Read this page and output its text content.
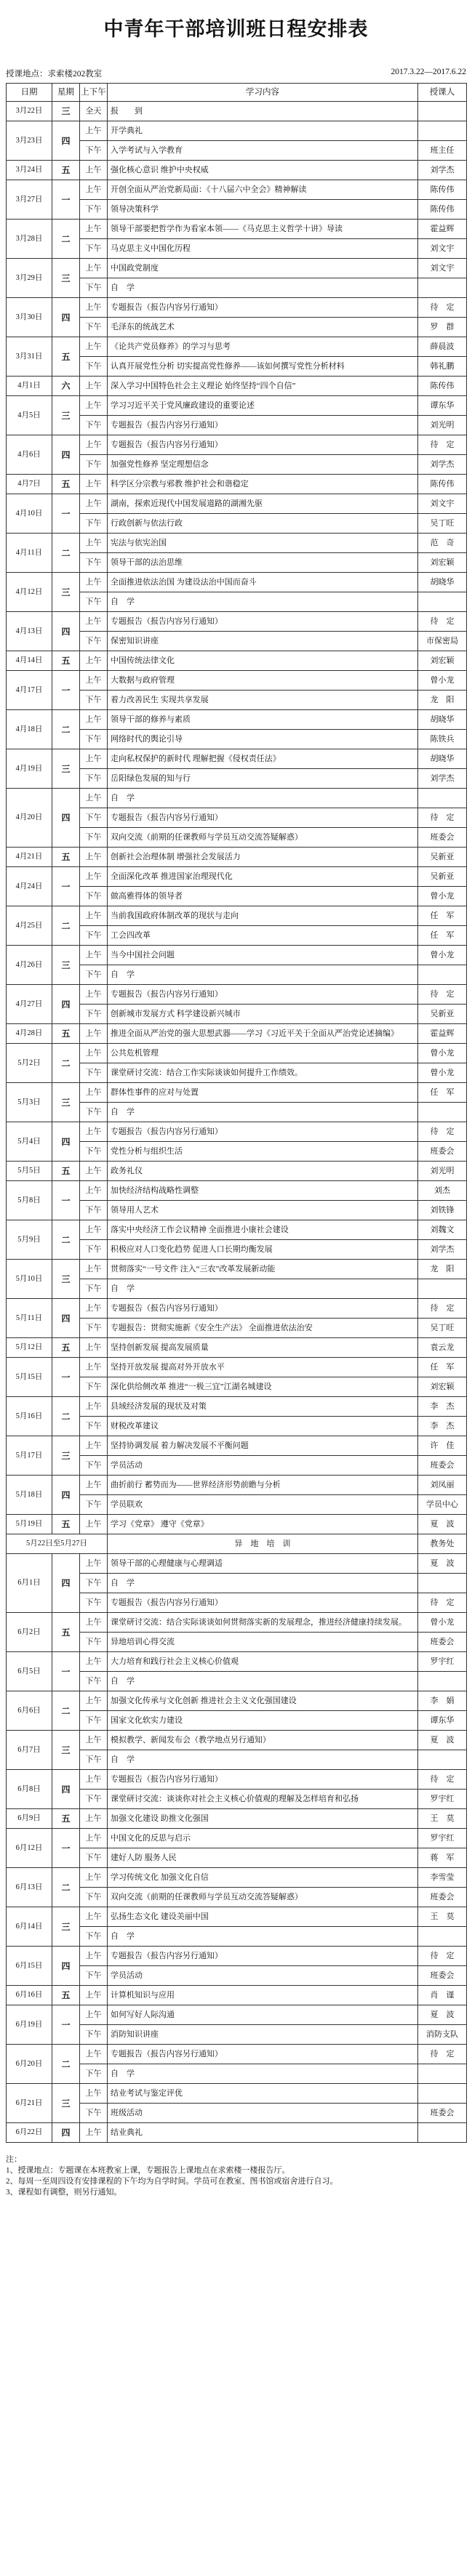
中青年干部培训班日程安排表
授课地点：求索楼202教室	2017.3.22—2017.6.22
日期	星期	上下午	学习内容	授课人
3月22日	三	全天	报　　到	
3月23日	四	上午	开学典礼	
		下午	入学考试与入学教育	班主任
3月24日	五	上午	强化核心意识 维护中央权威	刘学杰
3月27日	一	上午	开创全面从严治党新局面：《十八届六中全会》精神解读	陈传伟
		下午	领导决策科学	陈传伟
3月28日	二	上午	领导干部要把哲学作为看家本领——《马克思主义哲学十讲》导读	霍益辉
		下午	马克思主义中国化历程	刘文宇
3月29日	三	上午	中国政党制度	刘文宇
		下午	自　学	
3月30日	四	上午	专题报告（报告内容另行通知）	待　定
		下午	毛泽东的统战艺术	罗　群
3月31日	五	上午	《论共产党员修养》的学习与思考	薛晨波
		下午	认真开展党性分析 切实提高党性修养——该如何撰写党性分析材料	韩礼鹏
4月1日	六	上午	深入学习中国特色社会主义理论 始终坚持“四个自信”	陈传伟
4月5日	三	上午	学习习近平关于党风廉政建设的重要论述	谭东华
		下午	专题报告（报告内容另行通知）	刘光明
4月6日	四	上午	专题报告（报告内容另行通知）	待　定
		下午	加强党性修养 坚定理想信念	刘学杰
4月7日	五	上午	科学区分宗教与邪教 维护社会和谐稳定	陈传伟
4月10日	一	上午	湖南，探索近现代中国发展道路的湖湘先驱	刘文宇
		下午	行政创新与依法行政	吴丁旺
4月11日	二	上午	宪法与依宪治国	范　奇
		下午	领导干部的法治思维	刘宏颖
4月12日	三	上午	全面推进依法治国 为建设法治中国而奋斗	胡晓华
		下午	自　学	
4月13日	四	上午	专题报告（报告内容另行通知）	待　定
		下午	保密知识讲座	市保密局
4月14日	五	上午	中国传统法律文化	刘宏颖
4月17日	一	上午	大数据与政府管理	曾小龙
		下午	着力改善民生 实现共享发展	龙　阳
4月18日	二	上午	领导干部的修养与素质	胡晓华
		下午	网络时代的舆论引导	陈铁兵
4月19日	三	上午	走向私权保护的新时代 理解把握《侵权责任法》	胡晓华
		下午	岳阳绿色发展的知与行	刘学杰
4月20日	四	上午	自　学	
		下午	专题报告（报告内容另行通知）	待　定
		下午	双向交流（前期的任课教师与学员互动交流答疑解惑）	班委会
4月21日	五	上午	创新社会治理体制 增强社会发展活力	吴新亚
4月24日	一	上午	全面深化改革 推进国家治理现代化	吴新亚
		下午	做高雅得体的领导者	曾小龙
4月25日	二	上午	当前我国政府体制改革的现状与走向	任　军
		下午	工会四改革	任　军
4月26日	三	上午	当今中国社会问题	曾小龙
		下午	自　学	
4月27日	四	上午	专题报告（报告内容另行通知）	待　定
		下午	创新城市发展方式 科学建设新兴城市	吴新亚
4月28日	五	上午	推进全面从严治党的强大思想武器——学习《习近平关于全面从严治党论述摘编》	霍益辉
5月2日	二	上午	公共危机管理	曾小龙
		下午	课堂研讨交流：结合工作实际谈谈如何提升工作绩效。	曾小龙
5月3日	三	上午	群体性事件的应对与处置	任　军
		下午	自　学	
5月4日	四	上午	专题报告（报告内容另行通知）	待　定
		下午	党性分析与组织生活	班委会
5月5日	五	上午	政务礼仪	刘光明
5月8日	一	上午	加快经济结构战略性调整	刘杰
		下午	领导用人艺术	刘铁锋
5月9日	二	上午	落实中央经济工作会议精神 全面推进小康社会建设	刘魏文
		下午	积极应对人口变化趋势 促进人口长期均衡发展	刘学杰
5月10日	三	上午	贯彻落实“一号文件 注入“三农”改革发展新动能	龙　阳
		下午	自　学	
5月11日	四	上午	专题报告（报告内容另行通知）	待　定
		下午	专题报告：贯彻实施新《安全生产法》 全面推进依法治安	吴丁旺
5月12日	五	上午	坚持创新发展 提高发展质量	袁云龙
5月15日	一	上午	坚持开放发展 提高对外开放水平	任　军
		下午	深化供给侧改革 推进“一极三宜”江湖名城建设	刘宏颖
5月16日	二	上午	县域经济发展的现状及对策	李　杰
		下午	财税改革建议	李　杰
5月17日	三	上午	坚持协调发展 着力解决发展不平衡问题	许　佳
		下午	学员活动	班委会
5月18日	四	上午	曲折前行 蓄势而为——世界经济形势前瞻与分析	刘凤丽
		下午	学员联欢	学员中心
5月19日	五	上午	学习《党章》 遵守《党章》	夏　波
5月22日至5月27日			异　地　培　训	教务处
6月1日	四	上午	领导干部的心理健康与心理调适	夏　波
		下午	自　学	
		下午	专题报告（报告内容另行通知）	待　定
6月2日	五	上午	课堂研讨交流：结合实际谈谈如何贯彻落实新的发展理念，推进经济健康持续发展。	曾小龙
		下午	异地培训心得交流	班委会
6月5日	一	上午	大力培育和践行社会主义核心价值观	罗宇红
		下午	自　学	
6月6日	二	上午	加强文化传承与文化创新 推进社会主义文化强国建设	李　娟
		下午	国家文化软实力建设	谭东华
6月7日	三	上午	模拟教学、新闻发布会（教学地点另行通知）	夏　波
		下午	自　学	
6月8日	四	上午	专题报告（报告内容另行通知）	待　定
		下午	课堂研讨交流：谈谈你对社会主义核心价值观的理解及怎样培育和弘扬	罗宇红
6月9日	五	上午	加强文化建设 助推文化强国	王　莫
6月12日	一	上午	中国文化的反思与启示	罗宇红
		下午	建好人防 服务人民	蒋　军
6月13日	二	上午	学习传统文化 加强文化自信	李雪莹
		下午	双向交流（前期的任课教师与学员互动交流答疑解惑）	班委会
6月14日	三	上午	弘扬生态文化 建设美丽中国	王　莫
		下午	自　学	
6月15日	四	上午	专题报告（报告内容另行通知）	待　定
		下午	学员活动	班委会
6月16日	五	上午	计算机知识与应用	肖　谨
6月19日	一	上午	如何写好人际沟通	夏　波
		下午	消防知识讲座	消防支队
6月20日	二	上午	专题报告（报告内容另行通知）	待　定
		下午	自　学	
6月21日	三	上午	结业考试与鉴定评优	
		下午	班级活动	班委会
6月22日	四	上午	结业典礼	

注：

1、授课地点：专题课在本班教室上课，专题报告上课地点在求索楼一楼报告厅。

2、每周一至周四设有安排课程的下午均为自学时间。学员可在教室、图书馆或宿舍进行自习。

3、课程如有调整，则另行通知。
